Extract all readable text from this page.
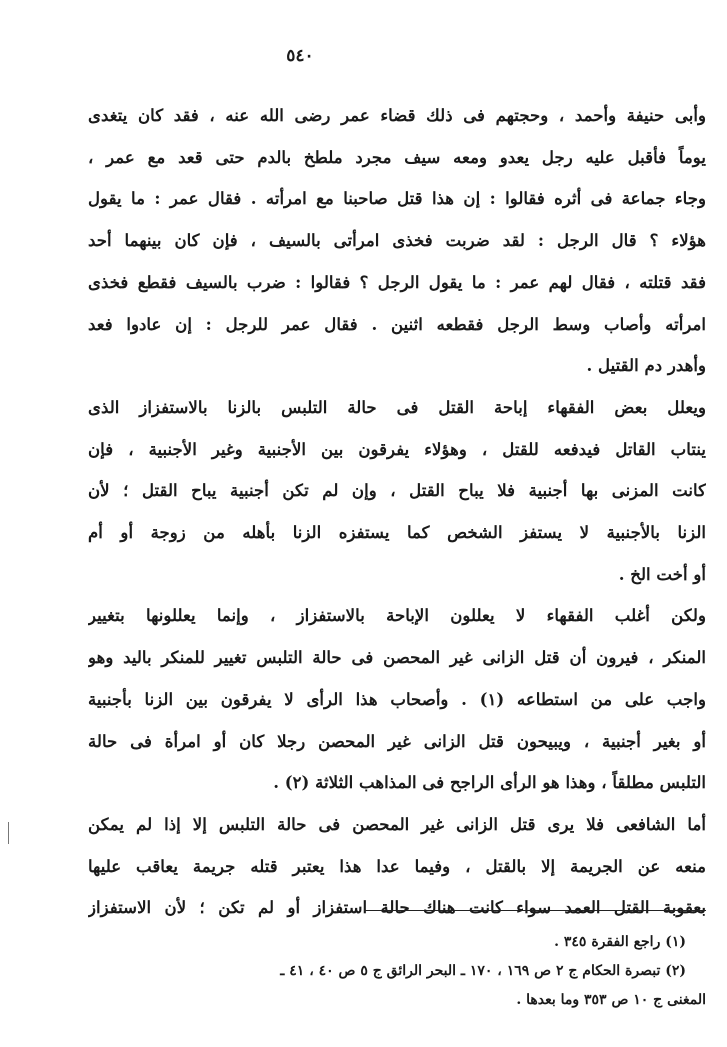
٥٤٠
وأبى حنيفة وأحمد ، وحجتهم فى ذلك قضاء عمر رضى الله عنه ، فقد كان يتغدى
يوماً فأقبل عليه رجل يعدو ومعه سيف مجرد ملطخ بالدم حتى قعد مع عمر ،
وجاء جماعة فى أثره فقالوا : إن هذا قتل صاحبنا مع امرأته . فقال عمر : ما يقول
هؤلاء ؟ قال الرجل : لقد ضربت فخذى امرأتى بالسيف ، فإن كان بينهما أحد
فقد قتلته ، فقال لهم عمر : ما يقول الرجل ؟ فقالوا : ضرب بالسيف فقطع فخذى
امرأته وأصاب وسط الرجل فقطعه اثنين . فقال عمر للرجل : إن عادوا فعد
وأهدر دم القتيل .
ويعلل بعض الفقهاء إباحة القتل فى حالة التلبس بالزنا بالاستفزاز الذى
ينتاب القاتل فيدفعه للقتل ، وهؤلاء يفرقون بين الأجنبية وغير الأجنبية ، فإن
كانت المزنى بها أجنبية فلا يباح القتل ، وإن لم تكن أجنبية يباح القتل ؛ لأن
الزنا بالأجنبية لا يستفز الشخص كما يستفزه الزنا بأهله من زوجة أو أم
أو أخت الخ .
ولكن أغلب الفقهاء لا يعللون الإباحة بالاستفزاز ، وإنما يعللونها بتغيير
المنكر ، فيرون أن قتل الزانى غير المحصن فى حالة التلبس تغيير للمنكر باليد وهو
واجب على من استطاعه (١) . وأصحاب هذا الرأى لا يفرقون بين الزنا بأجنبية
أو بغير أجنبية ، ويبيحون قتل الزانى غير المحصن رجلا كان أو امرأة فى حالة
التلبس مطلقاً ، وهذا هو الرأى الراجح فى المذاهب الثلاثة (٢) .
أما الشافعى فلا يرى قتل الزانى غير المحصن فى حالة التلبس إلا إذا لم يمكن
منعه عن الجريمة إلا بالقتل ، وفيما عدا هذا يعتبر قتله جريمة يعاقب عليها
بعقوبة القتل العمد سواء كانت هناك حالة استفزاز أو لم تكن ؛ لأن الاستفزاز
(١) راجع الفقرة ٣٤٥ .
(٢) تبصرة الحكام ج ٢ ص ١٦٩ ، ١٧٠ ـ البحر الرائق ج ٥ ص ٤٠ ، ٤١ ـ
المغنى ج ١٠ ص ٣٥٣ وما بعدها .
